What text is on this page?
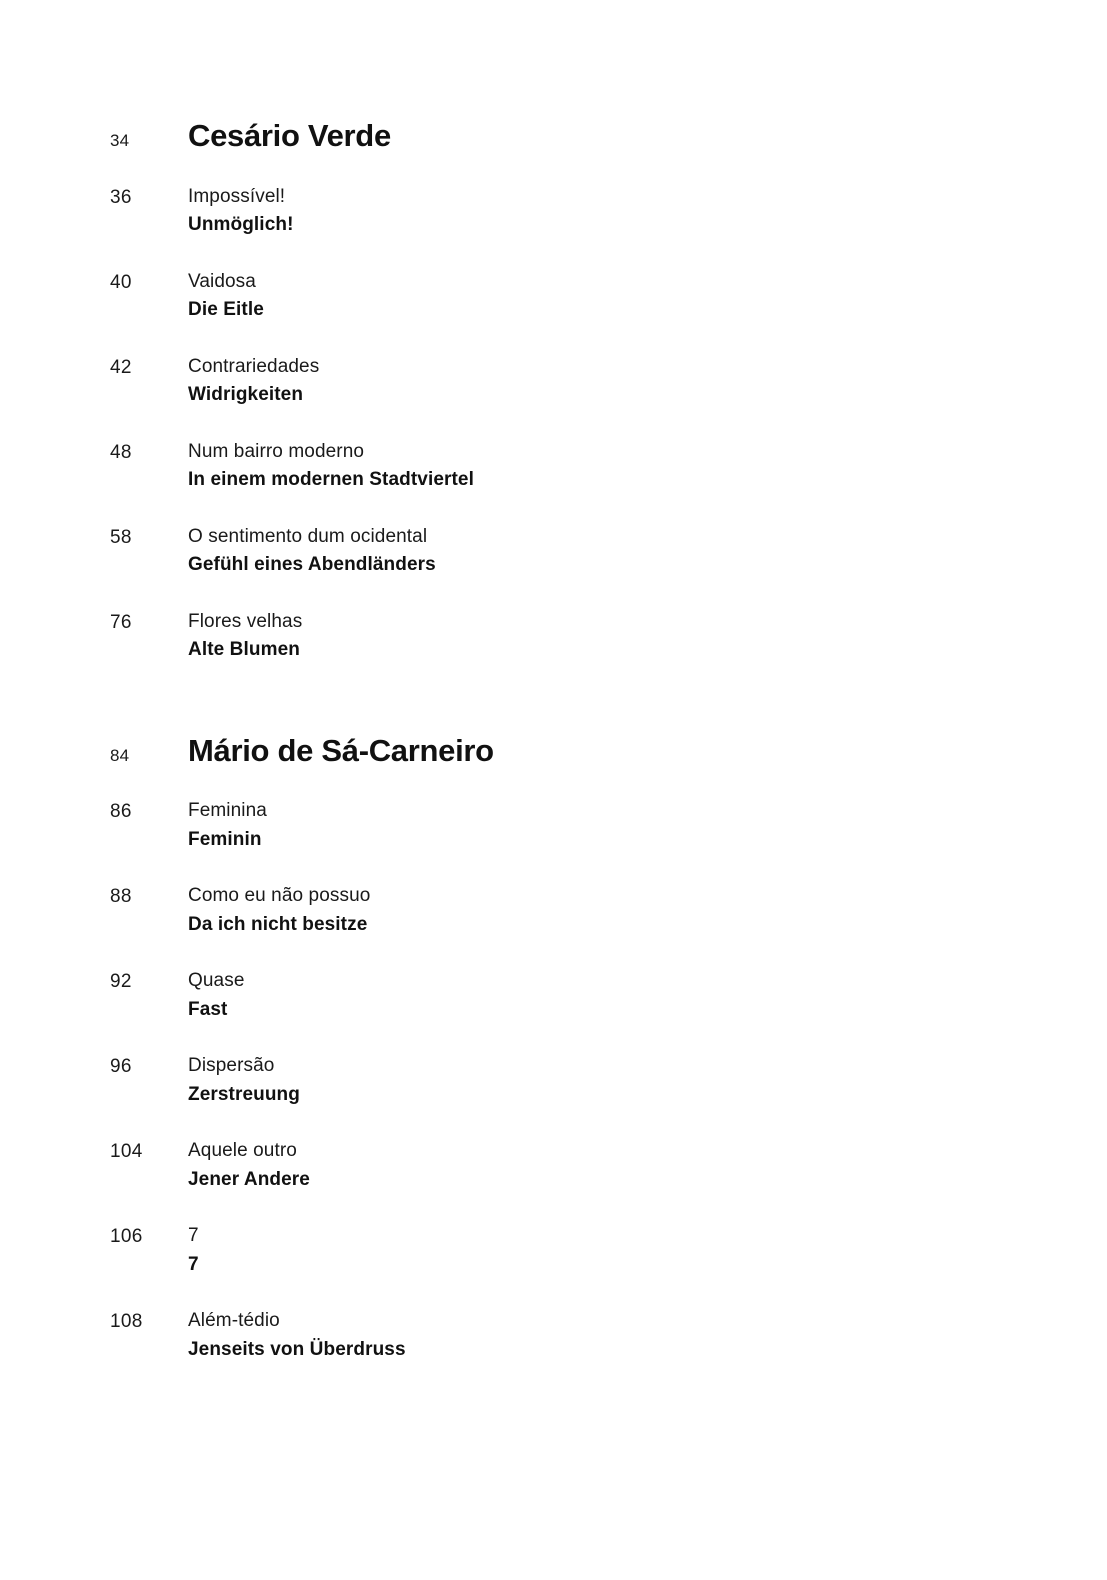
34	Cesário Verde
36	Impossível!
Unmöglich!
40	Vaidosa
Die Eitle
42	Contrariedades
Widrigkeiten
48	Num bairro moderno
In einem modernen Stadtviertel
58	O sentimento dum ocidental
Gefühl eines Abendländers
76	Flores velhas
Alte Blumen
84	Mário de Sá-Carneiro
86	Feminina
Feminin
88	Como eu não possuo
Da ich nicht besitze
92	Quase
Fast
96	Dispersão
Zerstreuung
104	Aquele outro
Jener Andere
106	7
7
108	Além-tédio
Jenseits von Überdruss
